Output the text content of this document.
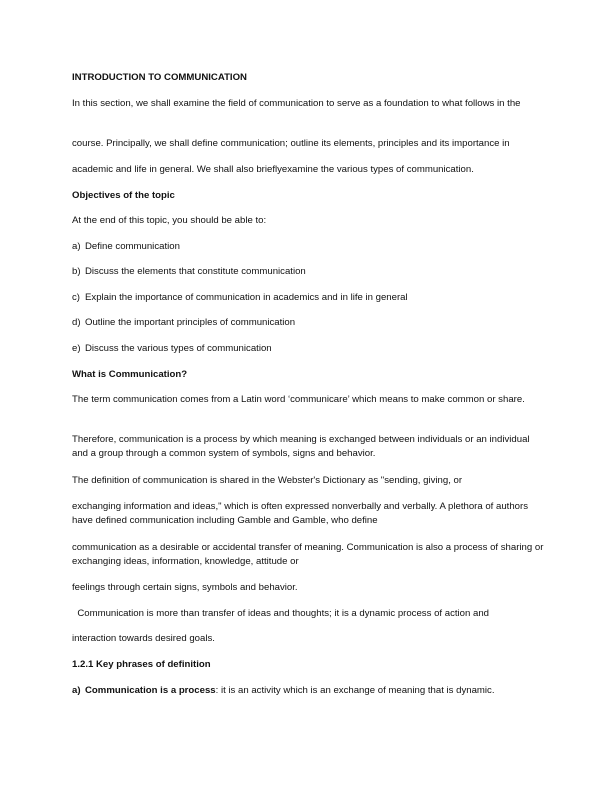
INTRODUCTION TO COMMUNICATION
In this section, we shall examine the field of communication to serve as a foundation to what follows in the
course. Principally, we shall define communication; outline its elements, principles and its importance in
academic and life in general. We shall also brieflyexamine the various types of communication.
Objectives of the topic
At the end of this topic, you should be able to:
a) Define communication
b) Discuss the elements that constitute communication
c) Explain the importance of communication in academics and in life in general
d) Outline the important principles of communication
e) Discuss the various types of communication
What is Communication?
The term communication comes from a Latin word ‘communicare’ which means to make common or share.
Therefore, communication is a process by which meaning is exchanged between individuals or an individual and a group through a common system of symbols, signs and behavior.
The definition of communication is shared in the Webster's Dictionary as "sending, giving, or
exchanging information and ideas," which is often expressed nonverbally and verbally. A plethora of authors have defined communication including Gamble and Gamble, who define
communication as a desirable or accidental transfer of meaning. Communication is also a process of sharing or exchanging ideas, information, knowledge, attitude or
feelings through certain signs, symbols and behavior.
Communication is more than transfer of ideas and thoughts; it is a dynamic process of action and
interaction towards desired goals.
1.2.1 Key phrases of definition
a) Communication is a process: it is an activity which is an exchange of meaning that is dynamic.
